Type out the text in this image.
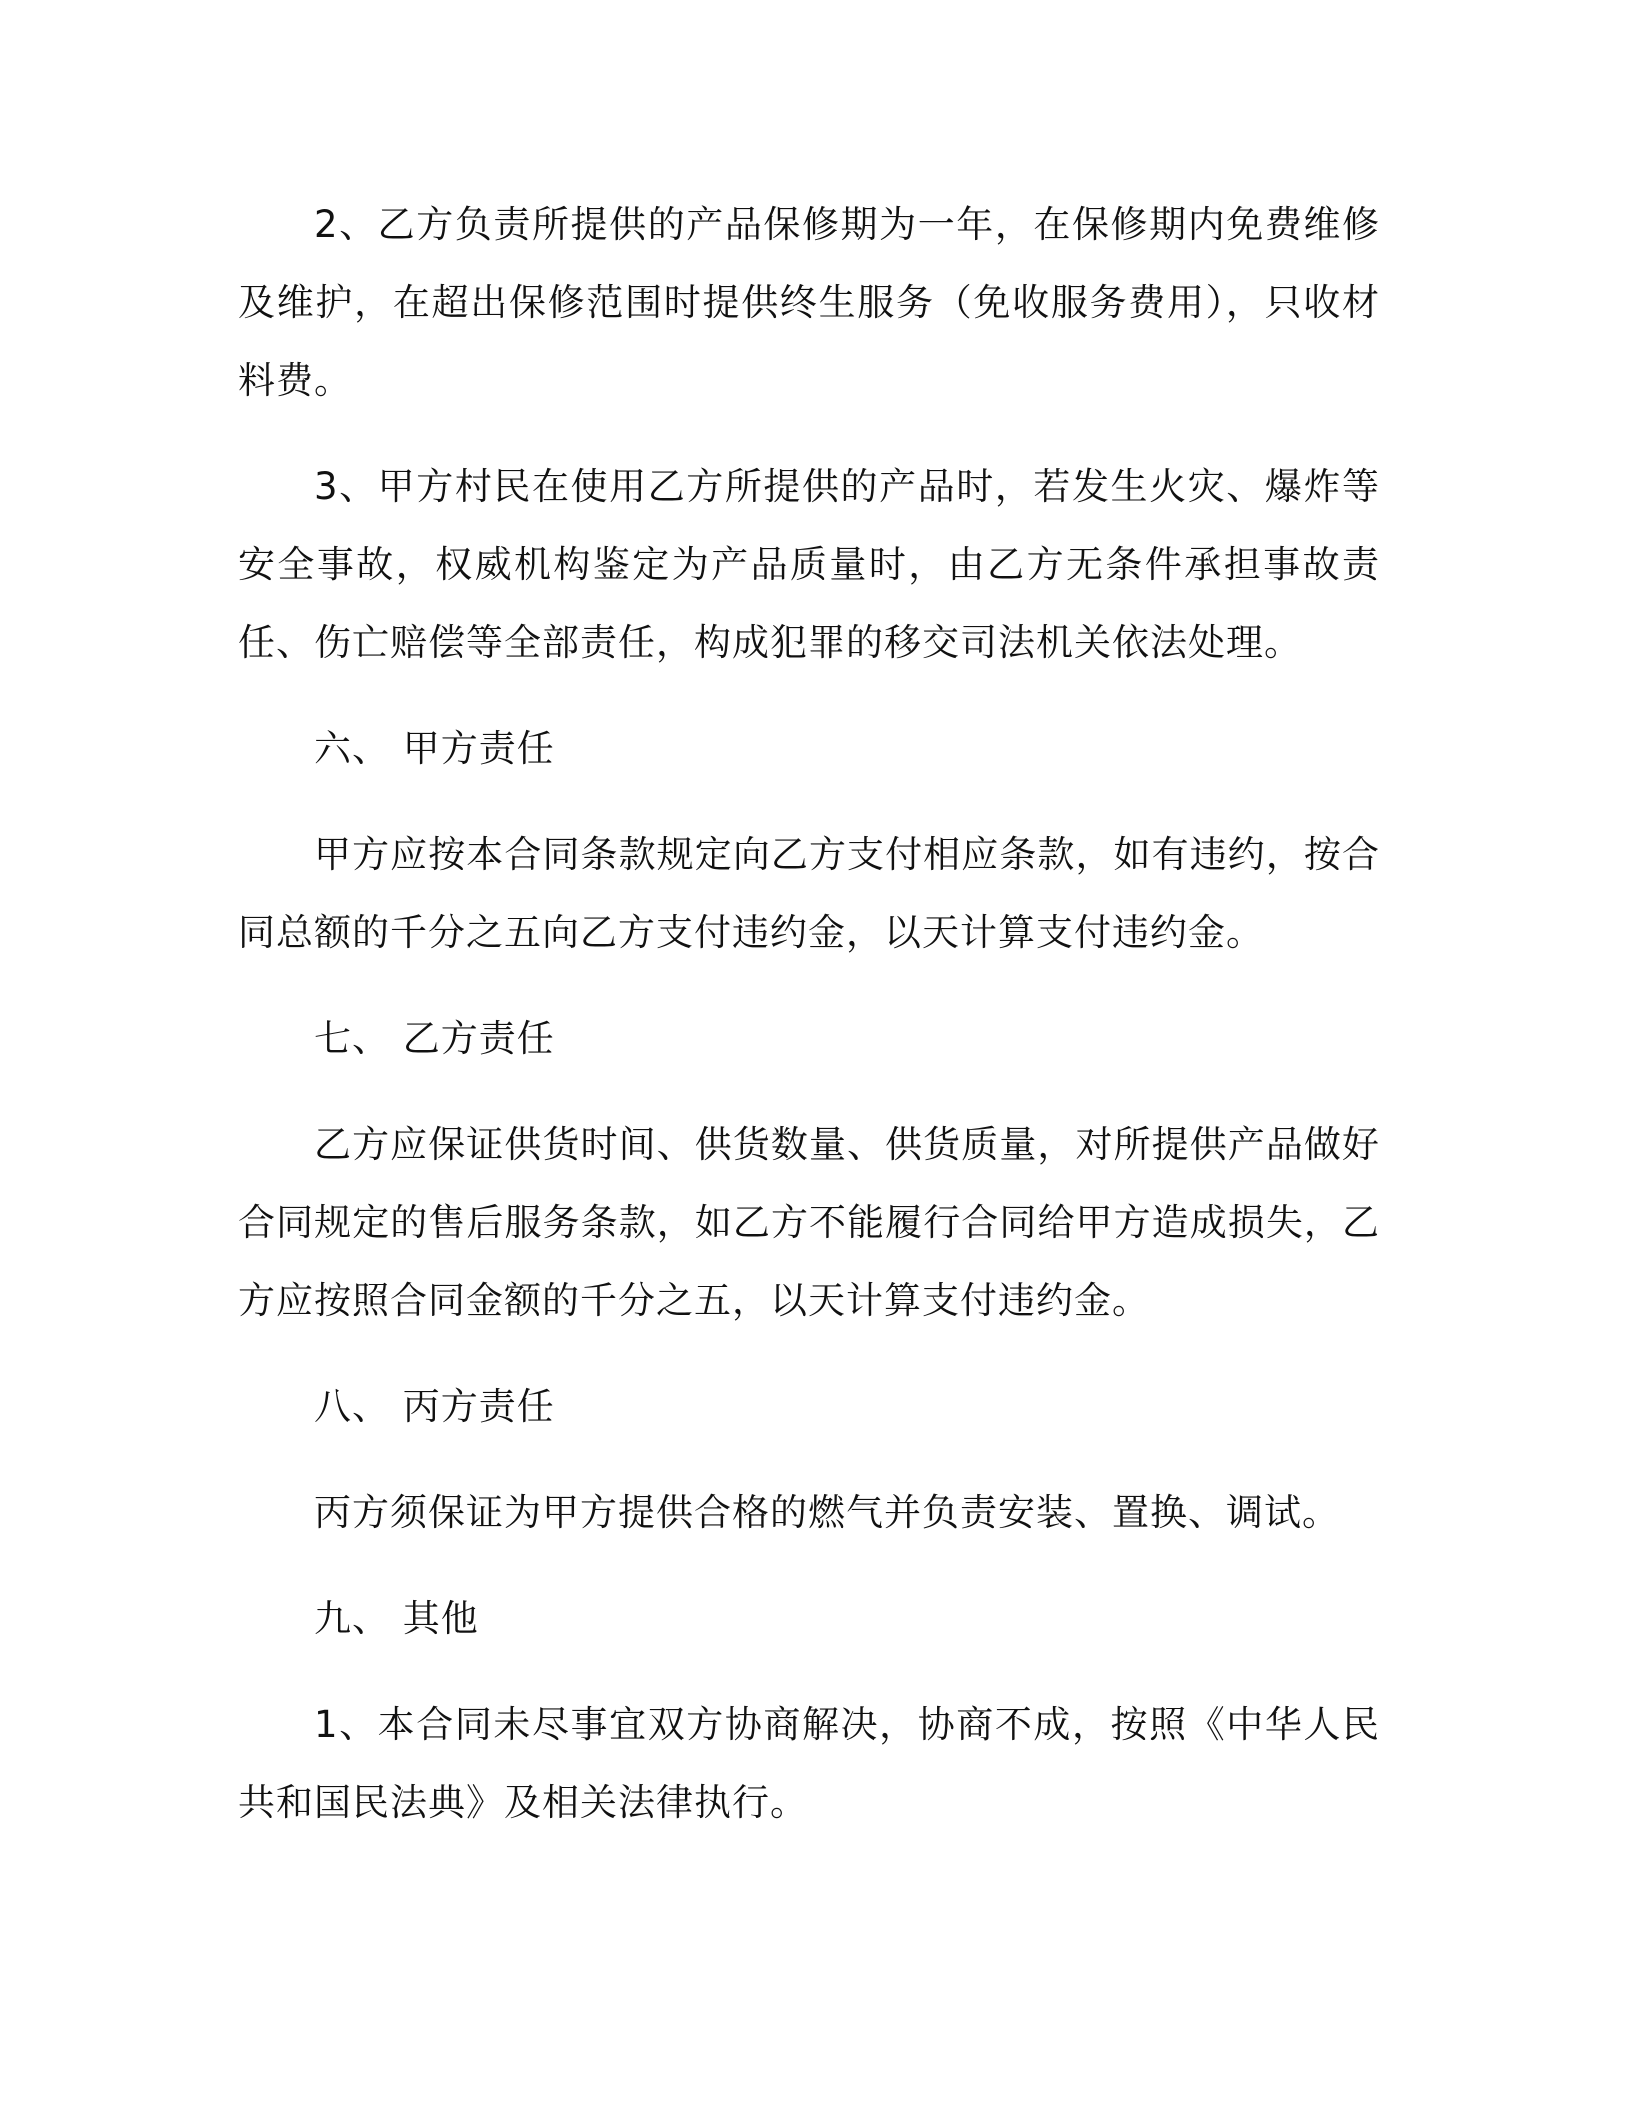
2、乙方负责所提供的产品保修期为一年，在保修期内免费维修及维护，在超出保修范围时提供终生服务（免收服务费用），只收材料费。

3、甲方村民在使用乙方所提供的产品时，若发生火灾、爆炸等安全事故，权威机构鉴定为产品质量时，由乙方无条件承担事故责任、伤亡赔偿等全部责任，构成犯罪的移交司法机关依法处理。

六、 甲方责任

甲方应按本合同条款规定向乙方支付相应条款，如有违约，按合同总额的千分之五向乙方支付违约金，以天计算支付违约金。

七、 乙方责任

乙方应保证供货时间、供货数量、供货质量，对所提供产品做好合同规定的售后服务条款，如乙方不能履行合同给甲方造成损失，乙方应按照合同金额的千分之五，以天计算支付违约金。

八、 丙方责任

丙方须保证为甲方提供合格的燃气并负责安装、置换、调试。

九、 其他

1、本合同未尽事宜双方协商解决，协商不成，按照《中华人民共和国民法典》及相关法律执行。
